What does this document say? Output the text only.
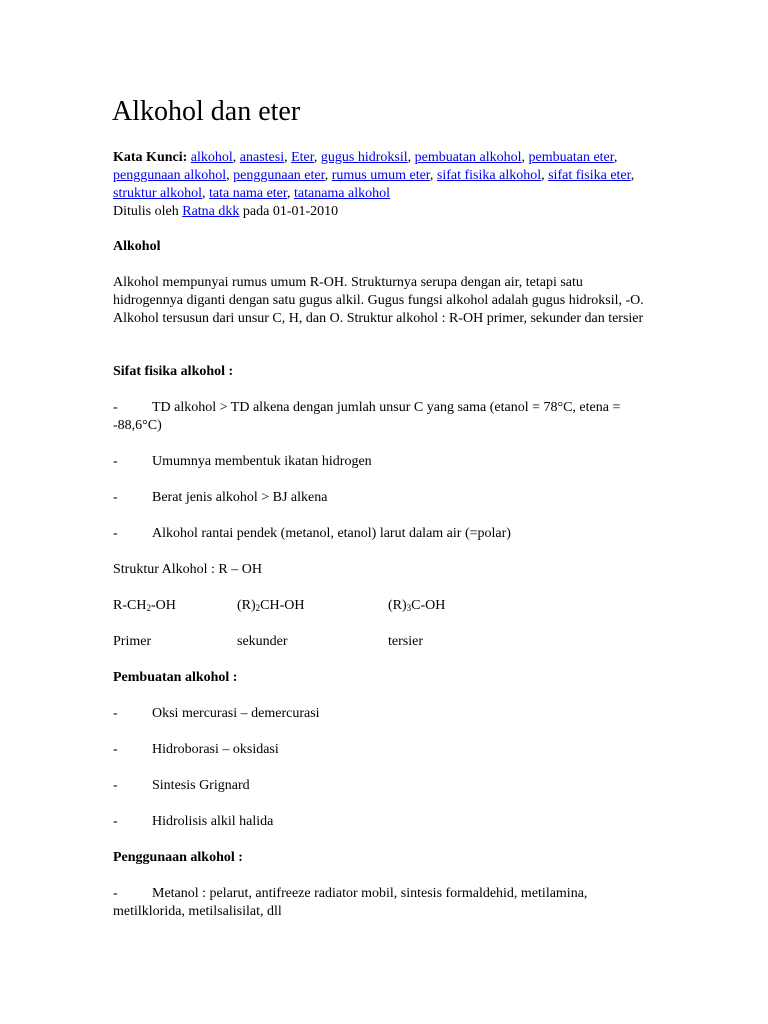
Alkohol dan eter

Kata Kunci: alkohol, anastesi, Eter, gugus hidroksil, pembuatan alkohol, pembuatan eter, penggunaan alkohol, penggunaan eter, rumus umum eter, sifat fisika alkohol, sifat fisika eter, struktur alkohol, tata nama eter, tatanama alkohol

Ditulis oleh Ratna dkk pada 01-01-2010

Alkohol

Alkohol mempunyai rumus umum R-OH. Strukturnya serupa dengan air, tetapi satu hidrogennya diganti dengan satu gugus alkil. Gugus fungsi alkohol adalah gugus hidroksil, -O. Alkohol tersusun dari unsur C, H, dan O. Struktur alkohol : R-OH primer, sekunder dan tersier

Sifat fisika alkohol :

-	TD alkohol > TD alkena dengan jumlah unsur C yang sama (etanol = 78°C, etena = -88,6°C)
- Umumnya membentuk ikatan hidrogen
- Berat jenis alkohol > BJ alkena
- Alkohol rantai pendek (metanol, etanol) larut dalam air (=polar)
Struktur Alkohol : R – OH
$R-CH_2-OH$	$(R)_2CH-OH$	$(R)_3C-OH$
Primer	sekunder	tersier

Pembuatan alkohol :

- Oksi mercurasi – demercurasi
- Hidroborasi – oksidasi
- Sintesis Grignard
- Hidrolisis alkil halida

Penggunaan alkohol :

-	Metanol : pelarut, antifreeze radiator mobil, sintesis formaldehid, metilamina, metilklorida, metilsalisilat, dll
